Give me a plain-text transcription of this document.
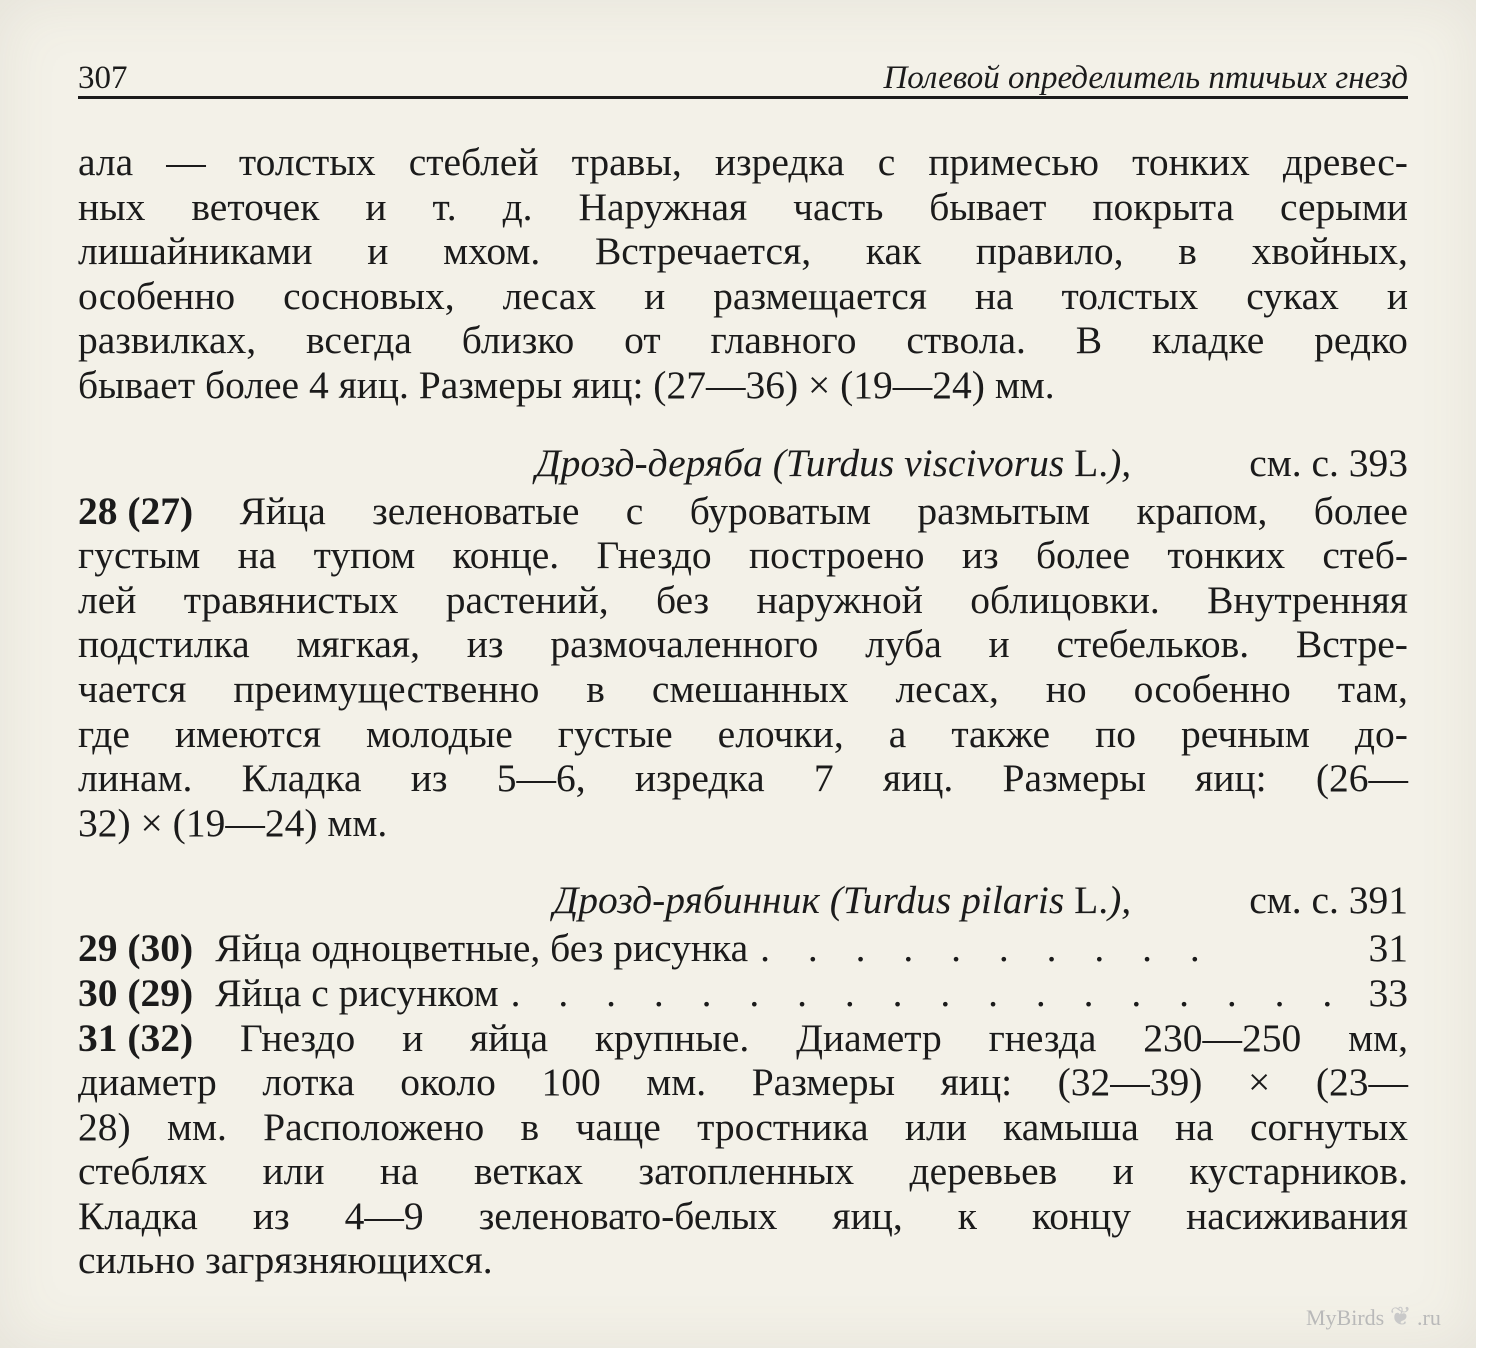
307	Полевой определитель птичьих гнезд
ала — толстых стеблей травы, изредка с примесью тонких древес-
ных веточек и т. д. Наружная часть бывает покрыта серыми
лишайниками и мхом. Встречается, как правило, в хвойных,
особенно сосновых, лесах и размещается на толстых суках и
развилках, всегда близко от главного ствола. В кладке редко
бывает более 4 яиц. Размеры яиц: (27—36) × (19—24) мм.
Дрозд-деряба ( Turdus viscivorus
L. ),	см. с. 393
28 (27) Яйца зеленоватые с буроватым размытым крапом, более
густым на тупом конце. Гнездо построено из более тонких стеб-
лей травянистых растений, без наружной облицовки. Внутренняя
подстилка мягкая, из размочаленного луба и стебельков. Встре-
чается преимущественно в смешанных лесах, но особенно там,
где имеются молодые густые елочки, а также по речным до-
линам. Кладка из 5—6, изредка 7 яиц. Размеры яиц: (26—
32) × (19—24) мм.
Дрозд-рябинник ( Turdus pilaris
L. ),	см. с. 391
29 (30) Яйца одноцветные, без рисунка . . . . . . . . . .	31
30 (29) Яйца с рисунком . . . . . . . . . . . . . . . . . . 33
31 (32) Гнездо и яйца крупные. Диаметр гнезда 230—250 мм,
диаметр лотка около 100 мм. Размеры яиц: (32—39) × (23—
28) мм. Расположено в чаще тростника или камыша на согнутых
стеблях или на ветках затопленных деревьев и кустарников.
Кладка из 4—9 зеленовато-белых яиц, к концу насиживания
сильно загрязняющихся.
MyBirds ❦ .ru
